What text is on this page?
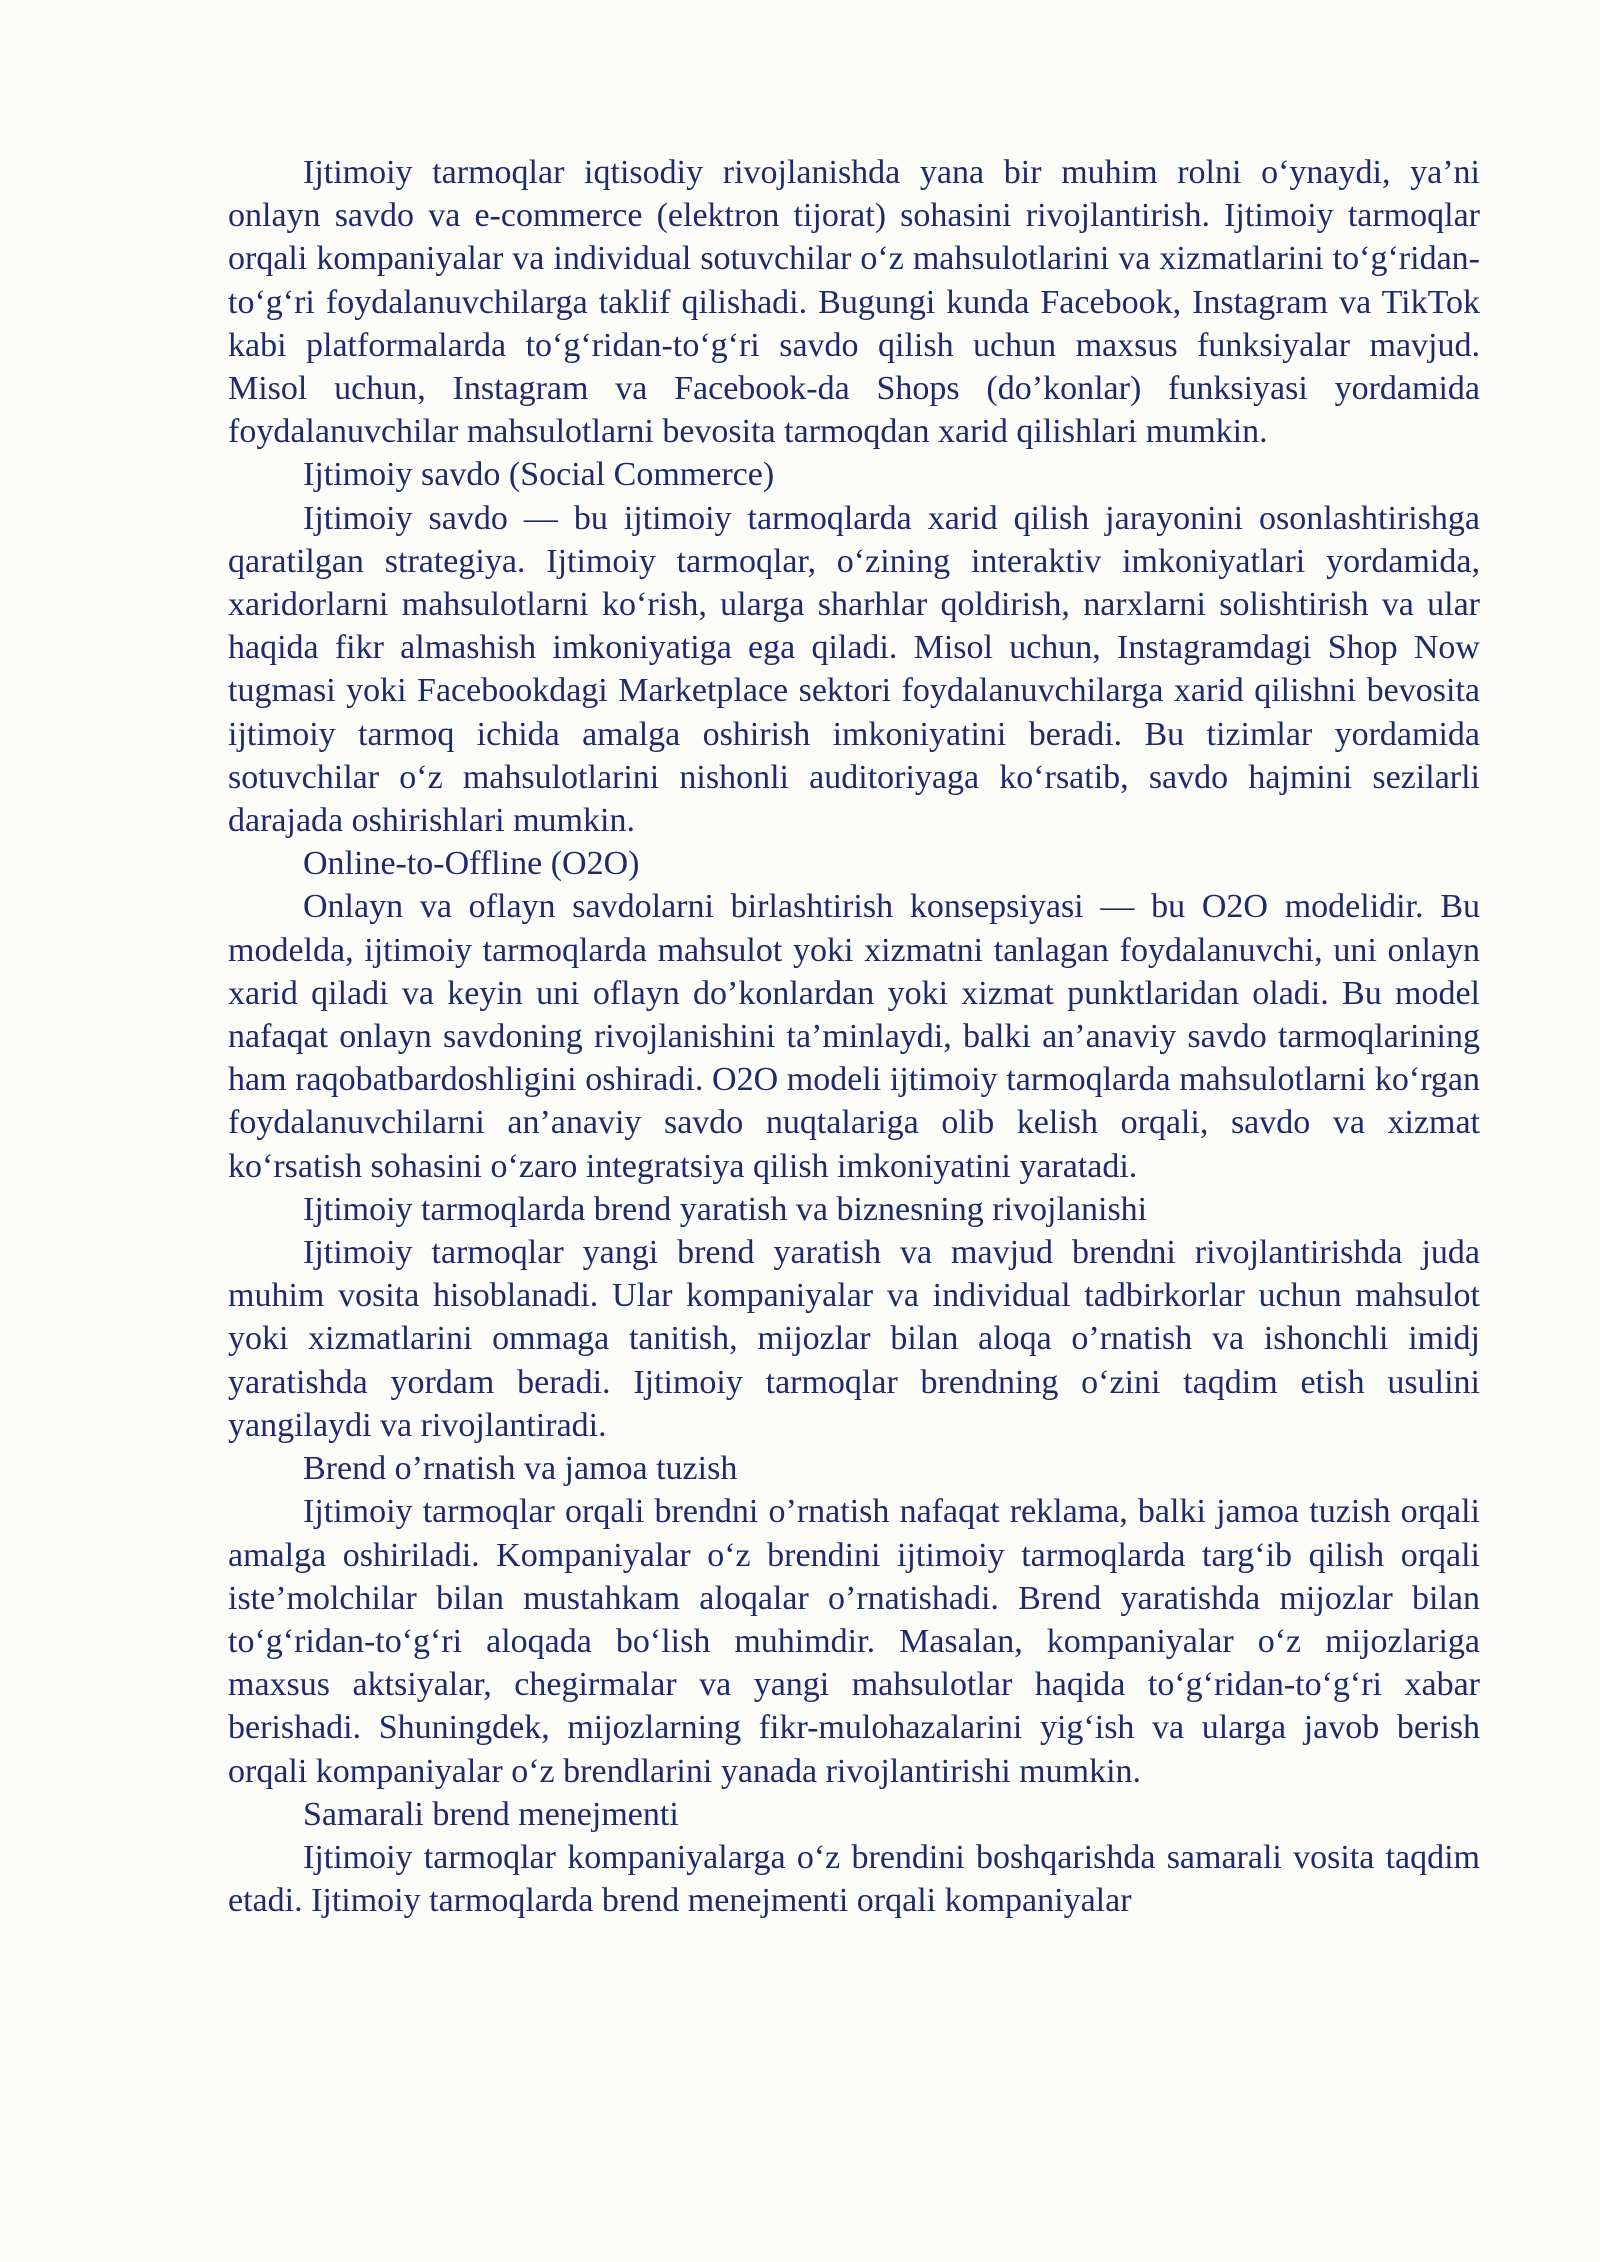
Ijtimoiy tarmoqlar iqtisodiy rivojlanishda yana bir muhim rolni o‘ynaydi, ya’ni onlayn savdo va e-commerce (elektron tijorat) sohasini rivojlantirish. Ijtimoiy tarmoqlar orqali kompaniyalar va individual sotuvchilar o‘z mahsulotlarini va xizmatlarini to‘g‘ridan-to‘g‘ri foydalanuvchilarga taklif qilishadi. Bugungi kunda Facebook, Instagram va TikTok kabi platformalarda to‘g‘ridan-to‘g‘ri savdo qilish uchun maxsus funksiyalar mavjud. Misol uchun, Instagram va Facebook-da Shops (do’konlar) funksiyasi yordamida foydalanuvchilar mahsulotlarni bevosita tarmoqdan xarid qilishlari mumkin.

Ijtimoiy savdo (Social Commerce)

Ijtimoiy savdo — bu ijtimoiy tarmoqlarda xarid qilish jarayonini osonlashtirishga qaratilgan strategiya. Ijtimoiy tarmoqlar, o‘zining interaktiv imkoniyatlari yordamida, xaridorlarni mahsulotlarni ko‘rish, ularga sharhlar qoldirish, narxlarni solishtirish va ular haqida fikr almashish imkoniyatiga ega qiladi. Misol uchun, Instagramdagi Shop Now tugmasi yoki Facebookdagi Marketplace sektori foydalanuvchilarga xarid qilishni bevosita ijtimoiy tarmoq ichida amalga oshirish imkoniyatini beradi. Bu tizimlar yordamida sotuvchilar o‘z mahsulotlarini nishonli auditoriyaga ko‘rsatib, savdo hajmini sezilarli darajada oshirishlari mumkin.

Online-to-Offline (O2O)

Onlayn va oflayn savdolarni birlashtirish konsepsiyasi — bu O2O modelidir. Bu modelda, ijtimoiy tarmoqlarda mahsulot yoki xizmatni tanlagan foydalanuvchi, uni onlayn xarid qiladi va keyin uni oflayn do’konlardan yoki xizmat punktlaridan oladi. Bu model nafaqat onlayn savdoning rivojlanishini ta’minlaydi, balki an’anaviy savdo tarmoqlarining ham raqobatbardoshligini oshiradi. O2O modeli ijtimoiy tarmoqlarda mahsulotlarni ko‘rgan foydalanuvchilarni an’anaviy savdo nuqtalariga olib kelish orqali, savdo va xizmat ko‘rsatish sohasini o‘zaro integratsiya qilish imkoniyatini yaratadi.

Ijtimoiy tarmoqlarda brend yaratish va biznesning rivojlanishi

Ijtimoiy tarmoqlar yangi brend yaratish va mavjud brendni rivojlantirishda juda muhim vosita hisoblanadi. Ular kompaniyalar va individual tadbirkorlar uchun mahsulot yoki xizmatlarini ommaga tanitish, mijozlar bilan aloqa o’rnatish va ishonchli imidj yaratishda yordam beradi. Ijtimoiy tarmoqlar brendning o‘zini taqdim etish usulini yangilaydi va rivojlantiradi.

Brend o’rnatish va jamoa tuzish

Ijtimoiy tarmoqlar orqali brendni o’rnatish nafaqat reklama, balki jamoa tuzish orqali amalga oshiriladi. Kompaniyalar o‘z brendini ijtimoiy tarmoqlarda targ‘ib qilish orqali iste’molchilar bilan mustahkam aloqalar o’rnatishadi. Brend yaratishda mijozlar bilan to‘g‘ridan-to‘g‘ri aloqada bo‘lish muhimdir. Masalan, kompaniyalar o‘z mijozlariga maxsus aktsiyalar, chegirmalar va yangi mahsulotlar haqida to‘g‘ridan-to‘g‘ri xabar berishadi. Shuningdek, mijozlarning fikr-mulohazalarini yig‘ish va ularga javob berish orqali kompaniyalar o‘z brendlarini yanada rivojlantirishi mumkin.

Samarali brend menejmenti

Ijtimoiy tarmoqlar kompaniyalarga o‘z brendini boshqarishda samarali vosita taqdim etadi. Ijtimoiy tarmoqlarda brend menejmenti orqali kompaniyalar
